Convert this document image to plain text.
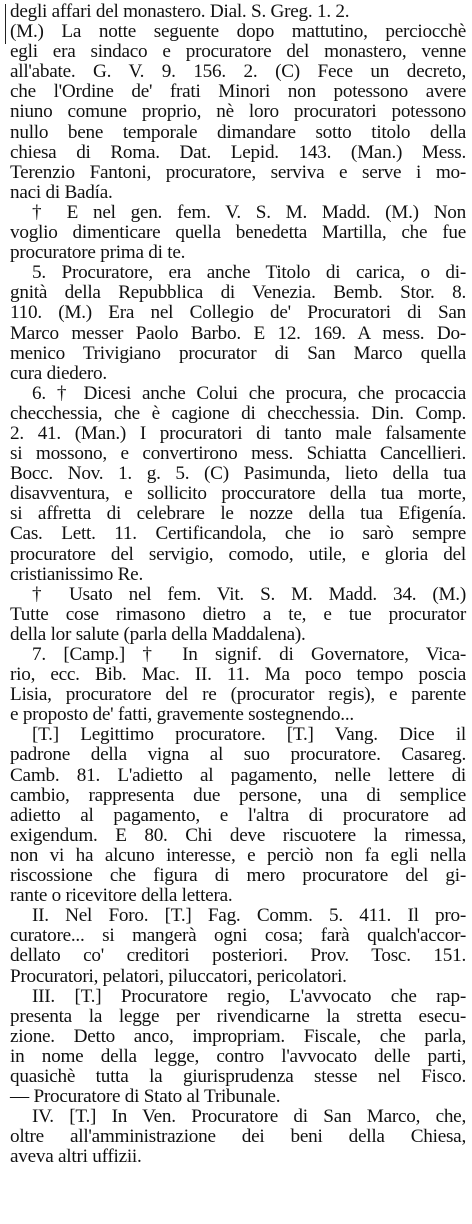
degli affari del monastero. Dial. S. Greg. 1. 2.
(M.) La notte seguente dopo mattutino, perciocchè
egli era sindaco e procuratore del monastero, venne
all'abate. G. V. 9. 156. 2. (C) Fece un decreto,
che l'Ordine de' frati Minori non potessono avere
niuno comune proprio, nè loro procuratori potessono
nullo bene temporale dimandare sotto titolo della
chiesa di Roma. Dat. Lepid. 143. (Man.) Mess.
Terenzio Fantoni, procuratore, serviva e serve i mo-
naci di Badía.
† E nel gen. fem. V. S. M. Madd. (M.) Non
voglio dimenticare quella benedetta Martilla, che fue
procuratore prima di te.
5. Procuratore, era anche Titolo di carica, o di-
gnità della Repubblica di Venezia. Bemb. Stor. 8.
110. (M.) Era nel Collegio de' Procuratori di San
Marco messer Paolo Barbo. E 12. 169. A mess. Do-
menico Trivigiano procurator di San Marco quella
cura diedero.
6. † Dicesi anche Colui che procura, che procaccia
checchessia, che è cagione di checchessia. Din. Comp.
2. 41. (Man.) I procuratori di tanto male falsamente
si mossono, e convertirono mess. Schiatta Cancellieri.
Bocc. Nov. 1. g. 5. (C) Pasimunda, lieto della tua
disavventura, e sollicito proccuratore della tua morte,
si affretta di celebrare le nozze della tua Efigenía.
Cas. Lett. 11. Certificandola, che io sarò sempre
procuratore del servigio, comodo, utile, e gloria del
cristianissimo Re.
† Usato nel fem. Vit. S. M. Madd. 34. (M.)
Tutte cose rimasono dietro a te, e tue procurator
della lor salute (parla della Maddalena).
7. [Camp.] † In signif. di Governatore, Vica-
rio, ecc. Bib. Mac. II. 11. Ma poco tempo poscia
Lisia, procuratore del re (procurator regis), e parente
e proposto de' fatti, gravemente sostegnendo...
[T.] Legittimo procuratore. [T.] Vang. Dice il
padrone della vigna al suo procuratore. Casareg.
Camb. 81. L'adietto al pagamento, nelle lettere di
cambio, rappresenta due persone, una di semplice
adietto al pagamento, e l'altra di procuratore ad
exigendum. E 80. Chi deve riscuotere la rimessa,
non vi ha alcuno interesse, e perciò non fa egli nella
riscossione che figura di mero procuratore del gi-
rante o ricevitore della lettera.
II. Nel Foro. [T.] Fag. Comm. 5. 411. Il pro-
curatore... si mangerà ogni cosa; farà qualch'accor-
dellato co' creditori posteriori. Prov. Tosc. 151.
Procuratori, pelatori, piluccatori, pericolatori.
III. [T.] Procuratore regio, L'avvocato che rap-
presenta la legge per rivendicarne la stretta esecu-
zione. Detto anco, impropriam. Fiscale, che parla,
in nome della legge, contro l'avvocato delle parti,
quasichè tutta la giurisprudenza stesse nel Fisco.
— Procuratore di Stato al Tribunale.
IV. [T.] In Ven. Procuratore di San Marco, che,
oltre all'amministrazione dei beni della Chiesa,
aveva altri uffizii.
